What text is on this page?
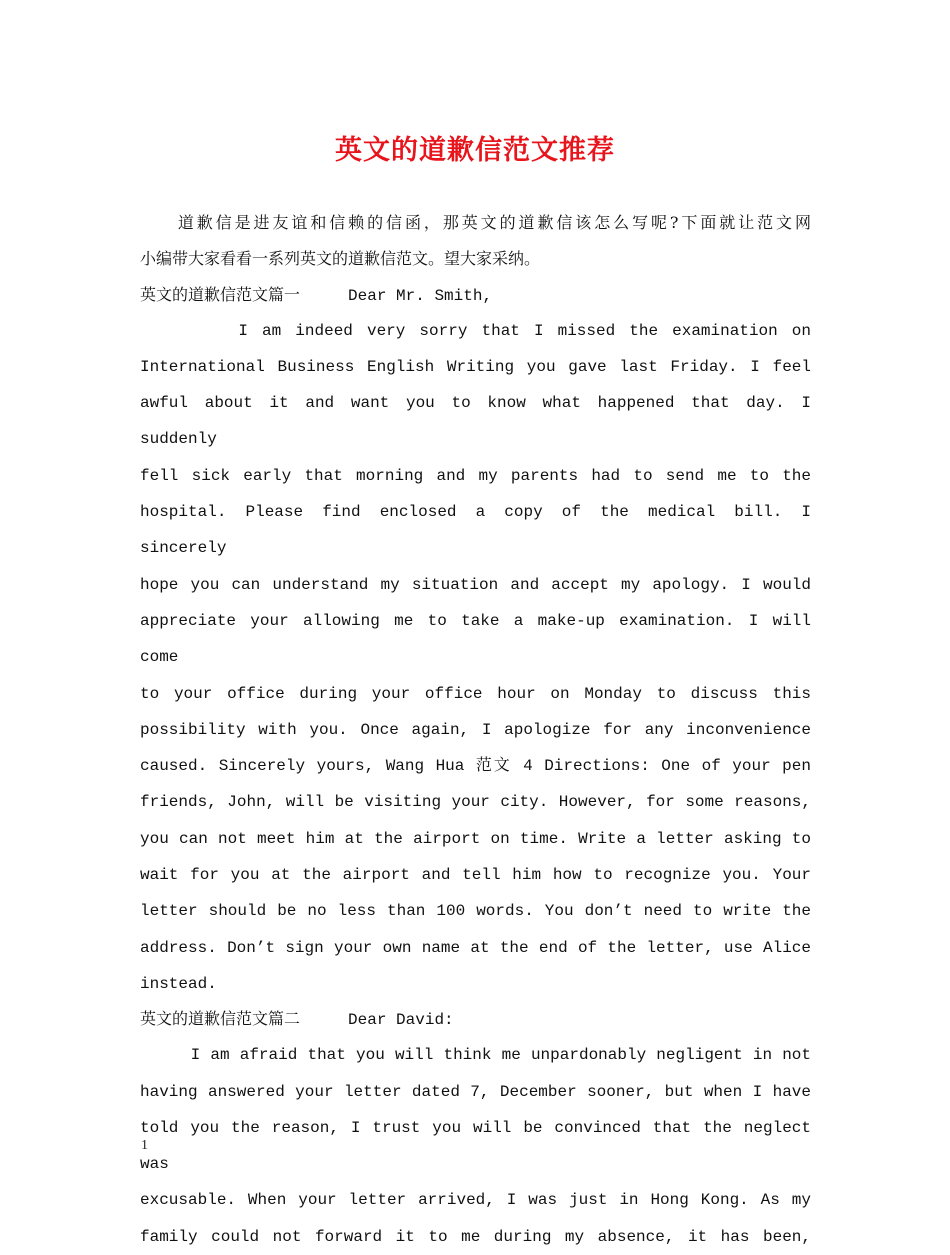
英文的道歉信范文推荐

　　道歉信是进友谊和信赖的信函，那英文的道歉信该怎么写呢?下面就让范文网

小编带大家看看一系列英文的道歉信范文。望大家采纳。

英文的道歉信范文篇一	Dear Mr. Smith,

I am indeed very sorry that I missed the examination on

International Business English Writing you gave last Friday. I feel

awful about it and want you to know what happened that day. I suddenly

fell sick early that morning and my parents had to send me to the

hospital. Please find enclosed a copy of the medical bill. I sincerely

hope you can understand my situation and accept my apology. I would

appreciate your allowing me to take a make-up examination. I will come

to your office during your office hour on Monday to discuss this

possibility with you. Once again, I apologize for any inconvenience

caused. Sincerely yours, Wang Hua 范文 4 Directions: One of your pen

friends, John, will be visiting your city. However, for some reasons,

you can not meet him at the airport on time. Write a letter asking to

wait for you at the airport and tell him how to recognize you. Your

letter should be no less than 100 words. You don’t need to write the

address. Don’t sign your own name at the end of the letter, use Alice

instead.

英文的道歉信范文篇二	Dear David:

I am afraid that you will think me unpardonably negligent in not

having answered your letter dated 7, December sooner, but when I have

told you the reason, I trust you will be convinced that the neglect was

excusable. When your letter arrived, I was just in Hong Kong. As my

family could not forward it to me during my absence, it has been,

1
